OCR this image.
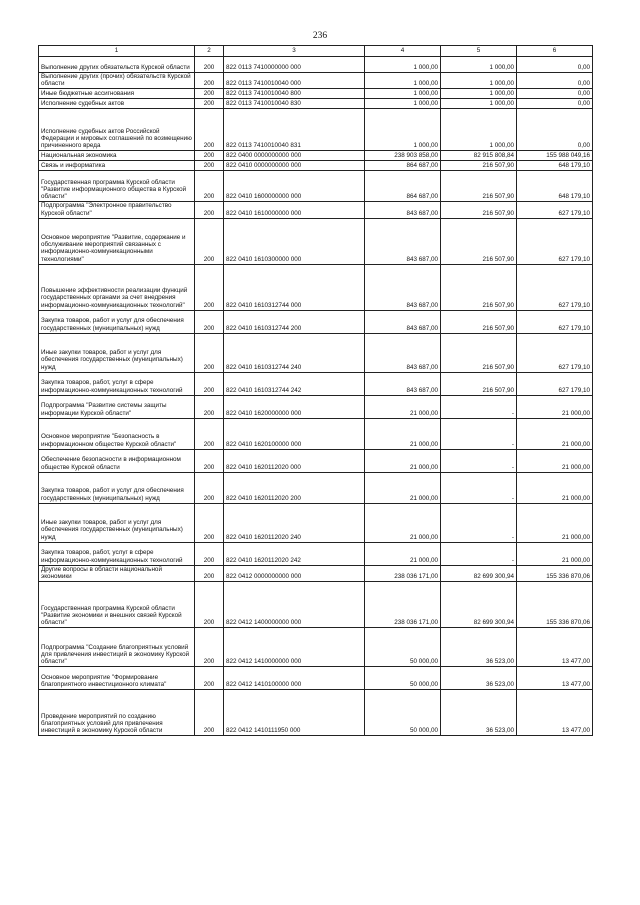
236
1	2	3	4	5	6
Выполнение других обязательств Курской области	200	822 0113 7410000000 000	1 000,00	1 000,00	0,00
Выполнение других (прочих) обязательств Курской области	200	822 0113 7410010040 000	1 000,00	1 000,00	0,00
Иные бюджетные ассигнования	200	822 0113 7410010040 800	1 000,00	1 000,00	0,00
Исполнение судебных актов	200	822 0113 7410010040 830	1 000,00	1 000,00	0,00
Исполнение судебных актов Российской Федерации и мировых соглашений по возмещению причиненного вреда	200	822 0113 7410010040 831	1 000,00	1 000,00	0,00
Национальная экономика	200	822 0400 0000000000 000	238 903 858,00	82 915 808,84	155 988 049,16
Связь и информатика	200	822 0410 0000000000 000	864 687,00	216 507,90	648 179,10
Государственная программа Курской области "Развитие информационного общества в Курской области"	200	822 0410 1600000000 000	864 687,00	216 507,90	648 179,10
Подпрограмма "Электронное правительство Курской области"	200	822 0410 1610000000 000	843 687,00	216 507,90	627 179,10
Основное мероприятие "Развитие, содержание и обслуживание мероприятий связанных с информационно-коммуникационными технологиями"	200	822 0410 1610300000 000	843 687,00	216 507,90	627 179,10
Повышение эффективности реализации функций государственных органами за счет внедрения информационно-коммуникационных технологий"	200	822 0410 1610312744 000	843 687,00	216 507,90	627 179,10
Закупка товаров, работ и услуг для обеспечения государственных (муниципальных) нужд	200	822 0410 1610312744 200	843 687,00	216 507,90	627 179,10
Иные закупки товаров, работ и услуг для обеспечения государственных (муниципальных) нужд	200	822 0410 1610312744 240	843 687,00	216 507,90	627 179,10
Закупка товаров, работ, услуг в сфере информационно-коммуникационных технологий	200	822 0410 1610312744 242	843 687,00	216 507,90	627 179,10
Подпрограмма "Развитие системы защиты информации Курской области"	200	822 0410 1620000000 000	21 000,00	-	21 000,00
Основное мероприятие "Безопасность в информационном обществе Курской области"	200	822 0410 1620100000 000	21 000,00	-	21 000,00
Обеспечение безопасности в информационном обществе Курской области	200	822 0410 1620112020 000	21 000,00	-	21 000,00
Закупка товаров, работ и услуг для обеспечения государственных (муниципальных) нужд	200	822 0410 1620112020 200	21 000,00	-	21 000,00
Иные закупки товаров, работ и услуг для обеспечения государственных (муниципальных) нужд	200	822 0410 1620112020 240	21 000,00	-	21 000,00
Закупка товаров, работ, услуг в сфере информационно-коммуникационных технологий	200	822 0410 1620112020 242	21 000,00	-	21 000,00
Другие вопросы в области национальной экономики	200	822 0412 0000000000 000	238 036 171,00	82 699 300,94	155 336 870,06
Государственная программа Курской области "Развитие экономики и внешних связей Курской области"	200	822 0412 1400000000 000	238 036 171,00	82 699 300,94	155 336 870,06
Подпрограмма "Создание благоприятных условий для привлечения инвестиций в экономику Курской области"	200	822 0412 1410000000 000	50 000,00	36 523,00	13 477,00
Основное мероприятие "Формирование благоприятного инвестиционного климата"	200	822 0412 1410100000 000	50 000,00	36 523,00	13 477,00
Проведение мероприятий по созданию благоприятных условий для привлечения инвестиций в экономику Курской области	200	822 0412 1410111950 000	50 000,00	36 523,00	13 477,00
